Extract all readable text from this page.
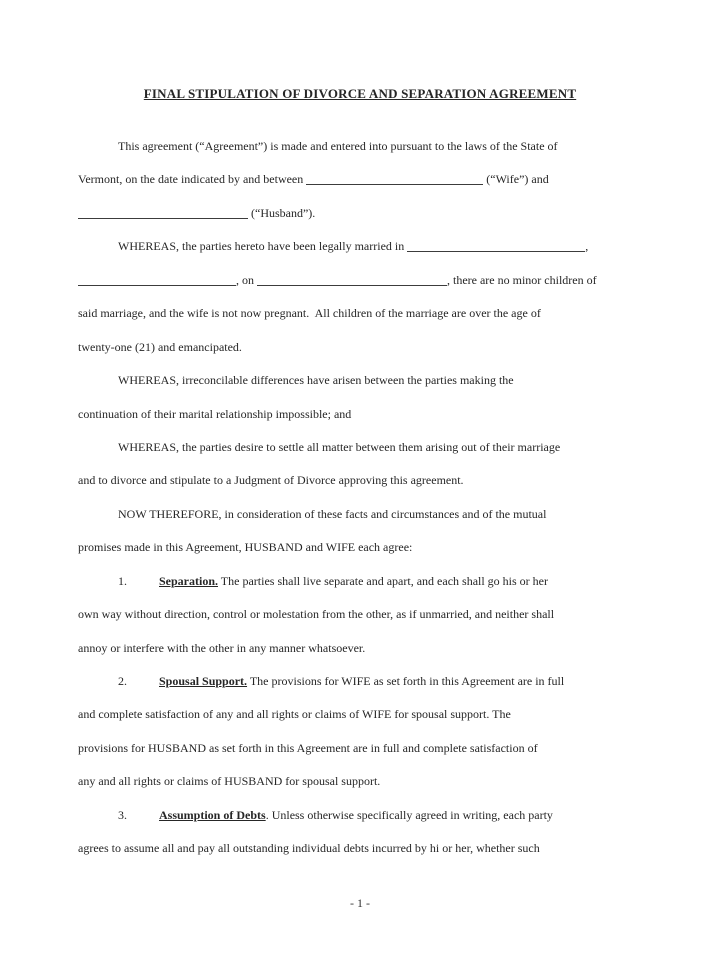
FINAL STIPULATION OF DIVORCE AND SEPARATION AGREEMENT
This agreement (“Agreement”) is made and entered into pursuant to the laws of the State of
Vermont, on the date indicated by and between	(“Wife”) and
(“Husband”).
WHEREAS, the parties hereto have been legally married in	,
, on	, there are no minor children of
said marriage, and the wife is not now pregnant.  All children of the marriage are over the age of
twenty-one (21) and emancipated.
WHEREAS, irreconcilable differences have arisen between the parties making the
continuation of their marital relationship impossible; and
WHEREAS, the parties desire to settle all matter between them arising out of their marriage
and to divorce and stipulate to a Judgment of Divorce approving this agreement.
NOW THEREFORE, in consideration of these facts and circumstances and of the mutual
promises made in this Agreement, HUSBAND and WIFE each agree:
1.	Separation. The parties shall live separate and apart, and each shall go his or her
own way without direction, control or molestation from the other, as if unmarried, and neither shall
annoy or interfere with the other in any manner whatsoever.
2.	Spousal Support. The provisions for WIFE as set forth in this Agreement are in full
and complete satisfaction of any and all rights or claims of WIFE for spousal support. The
provisions for HUSBAND as set forth in this Agreement are in full and complete satisfaction of
any and all rights or claims of HUSBAND for spousal support.
3.	Assumption of Debts. Unless otherwise specifically agreed in writing, each party
agrees to assume all and pay all outstanding individual debts incurred by hi or her, whether such
- 1 -
